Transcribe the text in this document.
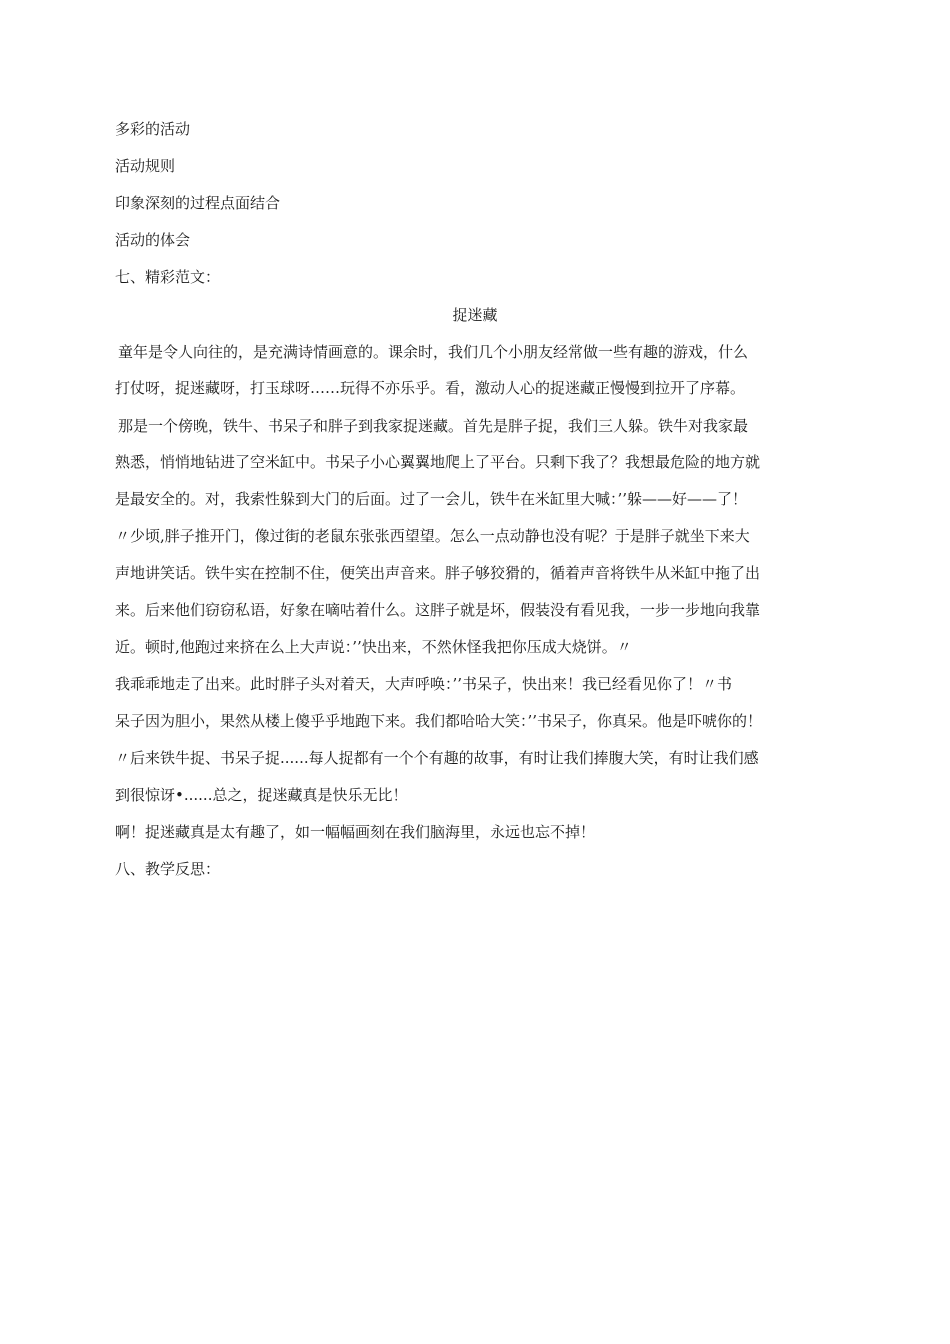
多彩的活动
活动规则
印象深刻的过程点面结合
活动的体会
七、精彩范文：
捉迷藏
童年是令人向往的，是充满诗情画意的。课余时，我们几个小朋友经常做一些有趣的游戏，什么
打仗呀，捉迷藏呀，打玉球呀……玩得不亦乐乎。看，激动人心的捉迷藏正慢慢到拉开了序幕。
那是一个傍晚，铁牛、书呆子和胖子到我家捉迷藏。首先是胖子捉，我们三人躲。铁牛对我家最
熟悉，悄悄地钻进了空米缸中。书呆子小心翼翼地爬上了平台。只剩下我了？我想最危险的地方就
是最安全的。对，我索性躲到大门的后面。过了一会儿，铁牛在米缸里大喊：’’躲——好——了！
〃少顷,胖子推开门，像过街的老鼠东张张西望望。怎么一点动静也没有呢？于是胖子就坐下来大
声地讲笑话。铁牛实在控制不住，便笑出声音来。胖子够狡猾的，循着声音将铁牛从米缸中拖了出
来。后来他们窃窃私语，好象在嘀咕着什么。这胖子就是坏，假装没有看见我，一步一步地向我靠
近。顿时,他跑过来挤在么上大声说：’’快出来，不然休怪我把你压成大烧饼。〃
我乖乖地走了出来。此时胖子头对着天，大声呼唤：’’书呆子，快出来！我已经看见你了！〃书
呆子因为胆小，果然从楼上傻乎乎地跑下来。我们都哈哈大笑：’’书呆子，你真呆。他是吓唬你的！
〃后来铁牛捉、书呆子捉......每人捉都有一个个有趣的故事，有时让我们捧腹大笑，有时让我们感
到很惊讶•......总之，捉迷藏真是快乐无比！
啊！捉迷藏真是太有趣了，如一幅幅画刻在我们脑海里，永远也忘不掉！
八、教学反思：
